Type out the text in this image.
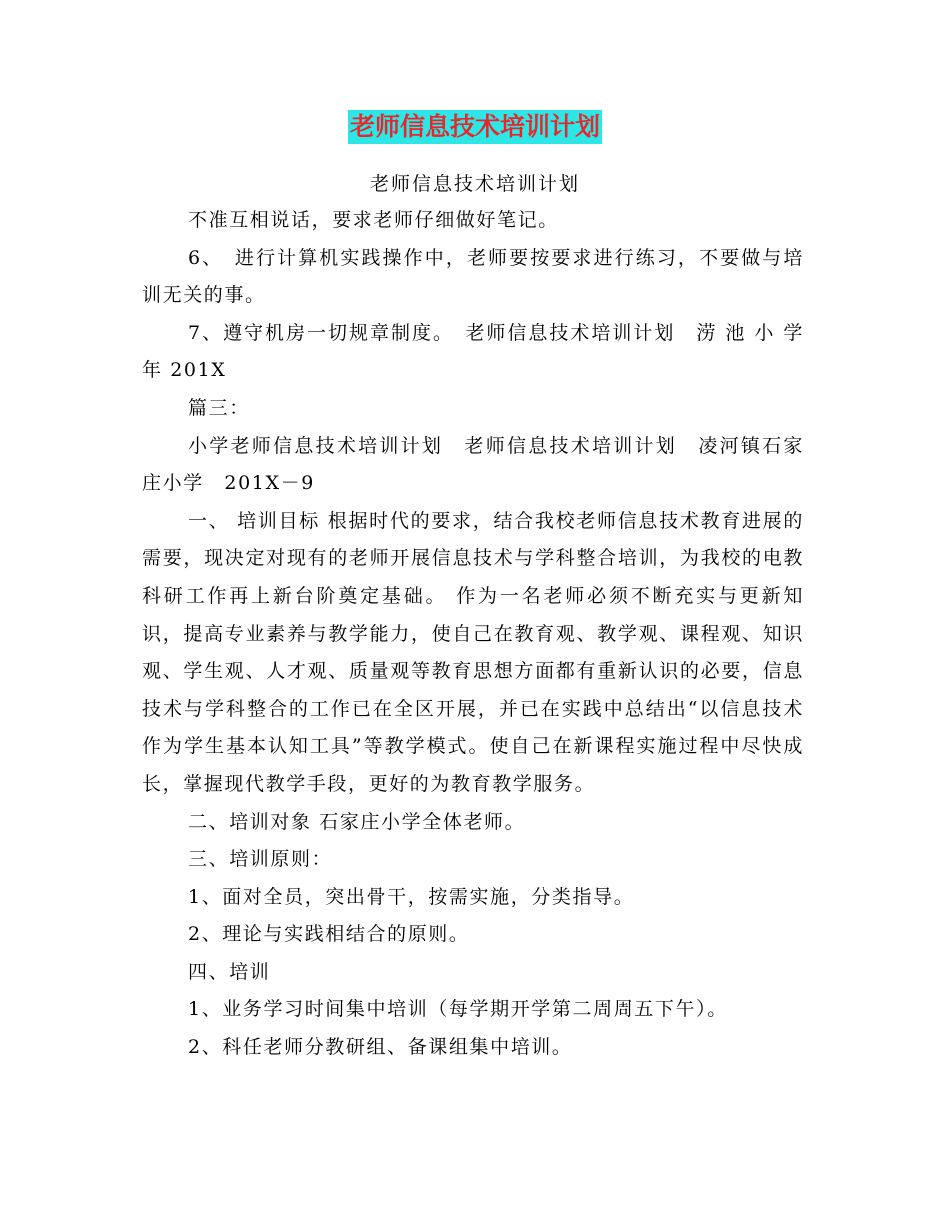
老师信息技术培训计划
老师信息技术培训计划

不准互相说话，要求老师仔细做好笔记。

6、　进行计算机实践操作中，老师要按要求进行练习，不要做与培训无关的事。

7、遵守机房一切规章制度。　老师信息技术培训计划　涝 池 小 学　年 201X

篇三：

小学老师信息技术培训计划　老师信息技术培训计划　凌河镇石家庄小学　201X－9

一、 培训目标 根据时代的要求，结合我校老师信息技术教育进展的需要，现决定对现有的老师开展信息技术与学科整合培训，为我校的电教科研工作再上新台阶奠定基础。 作为一名老师必须不断充实与更新知识，提高专业素养与教学能力，使自己在教育观、教学观、课程观、知识观、学生观、人才观、质量观等教育思想方面都有重新认识的必要，信息技术与学科整合的工作已在全区开展，并已在实践中总结出“以信息技术作为学生基本认知工具”等教学模式。使自己在新课程实施过程中尽快成长，掌握现代教学手段，更好的为教育教学服务。

二、培训对象 石家庄小学全体老师。

三、培训原则：

1、面对全员，突出骨干，按需实施，分类指导。

2、理论与实践相结合的原则。

四、培训

1、业务学习时间集中培训（每学期开学第二周周五下午）。

2、科任老师分教研组、备课组集中培训。
